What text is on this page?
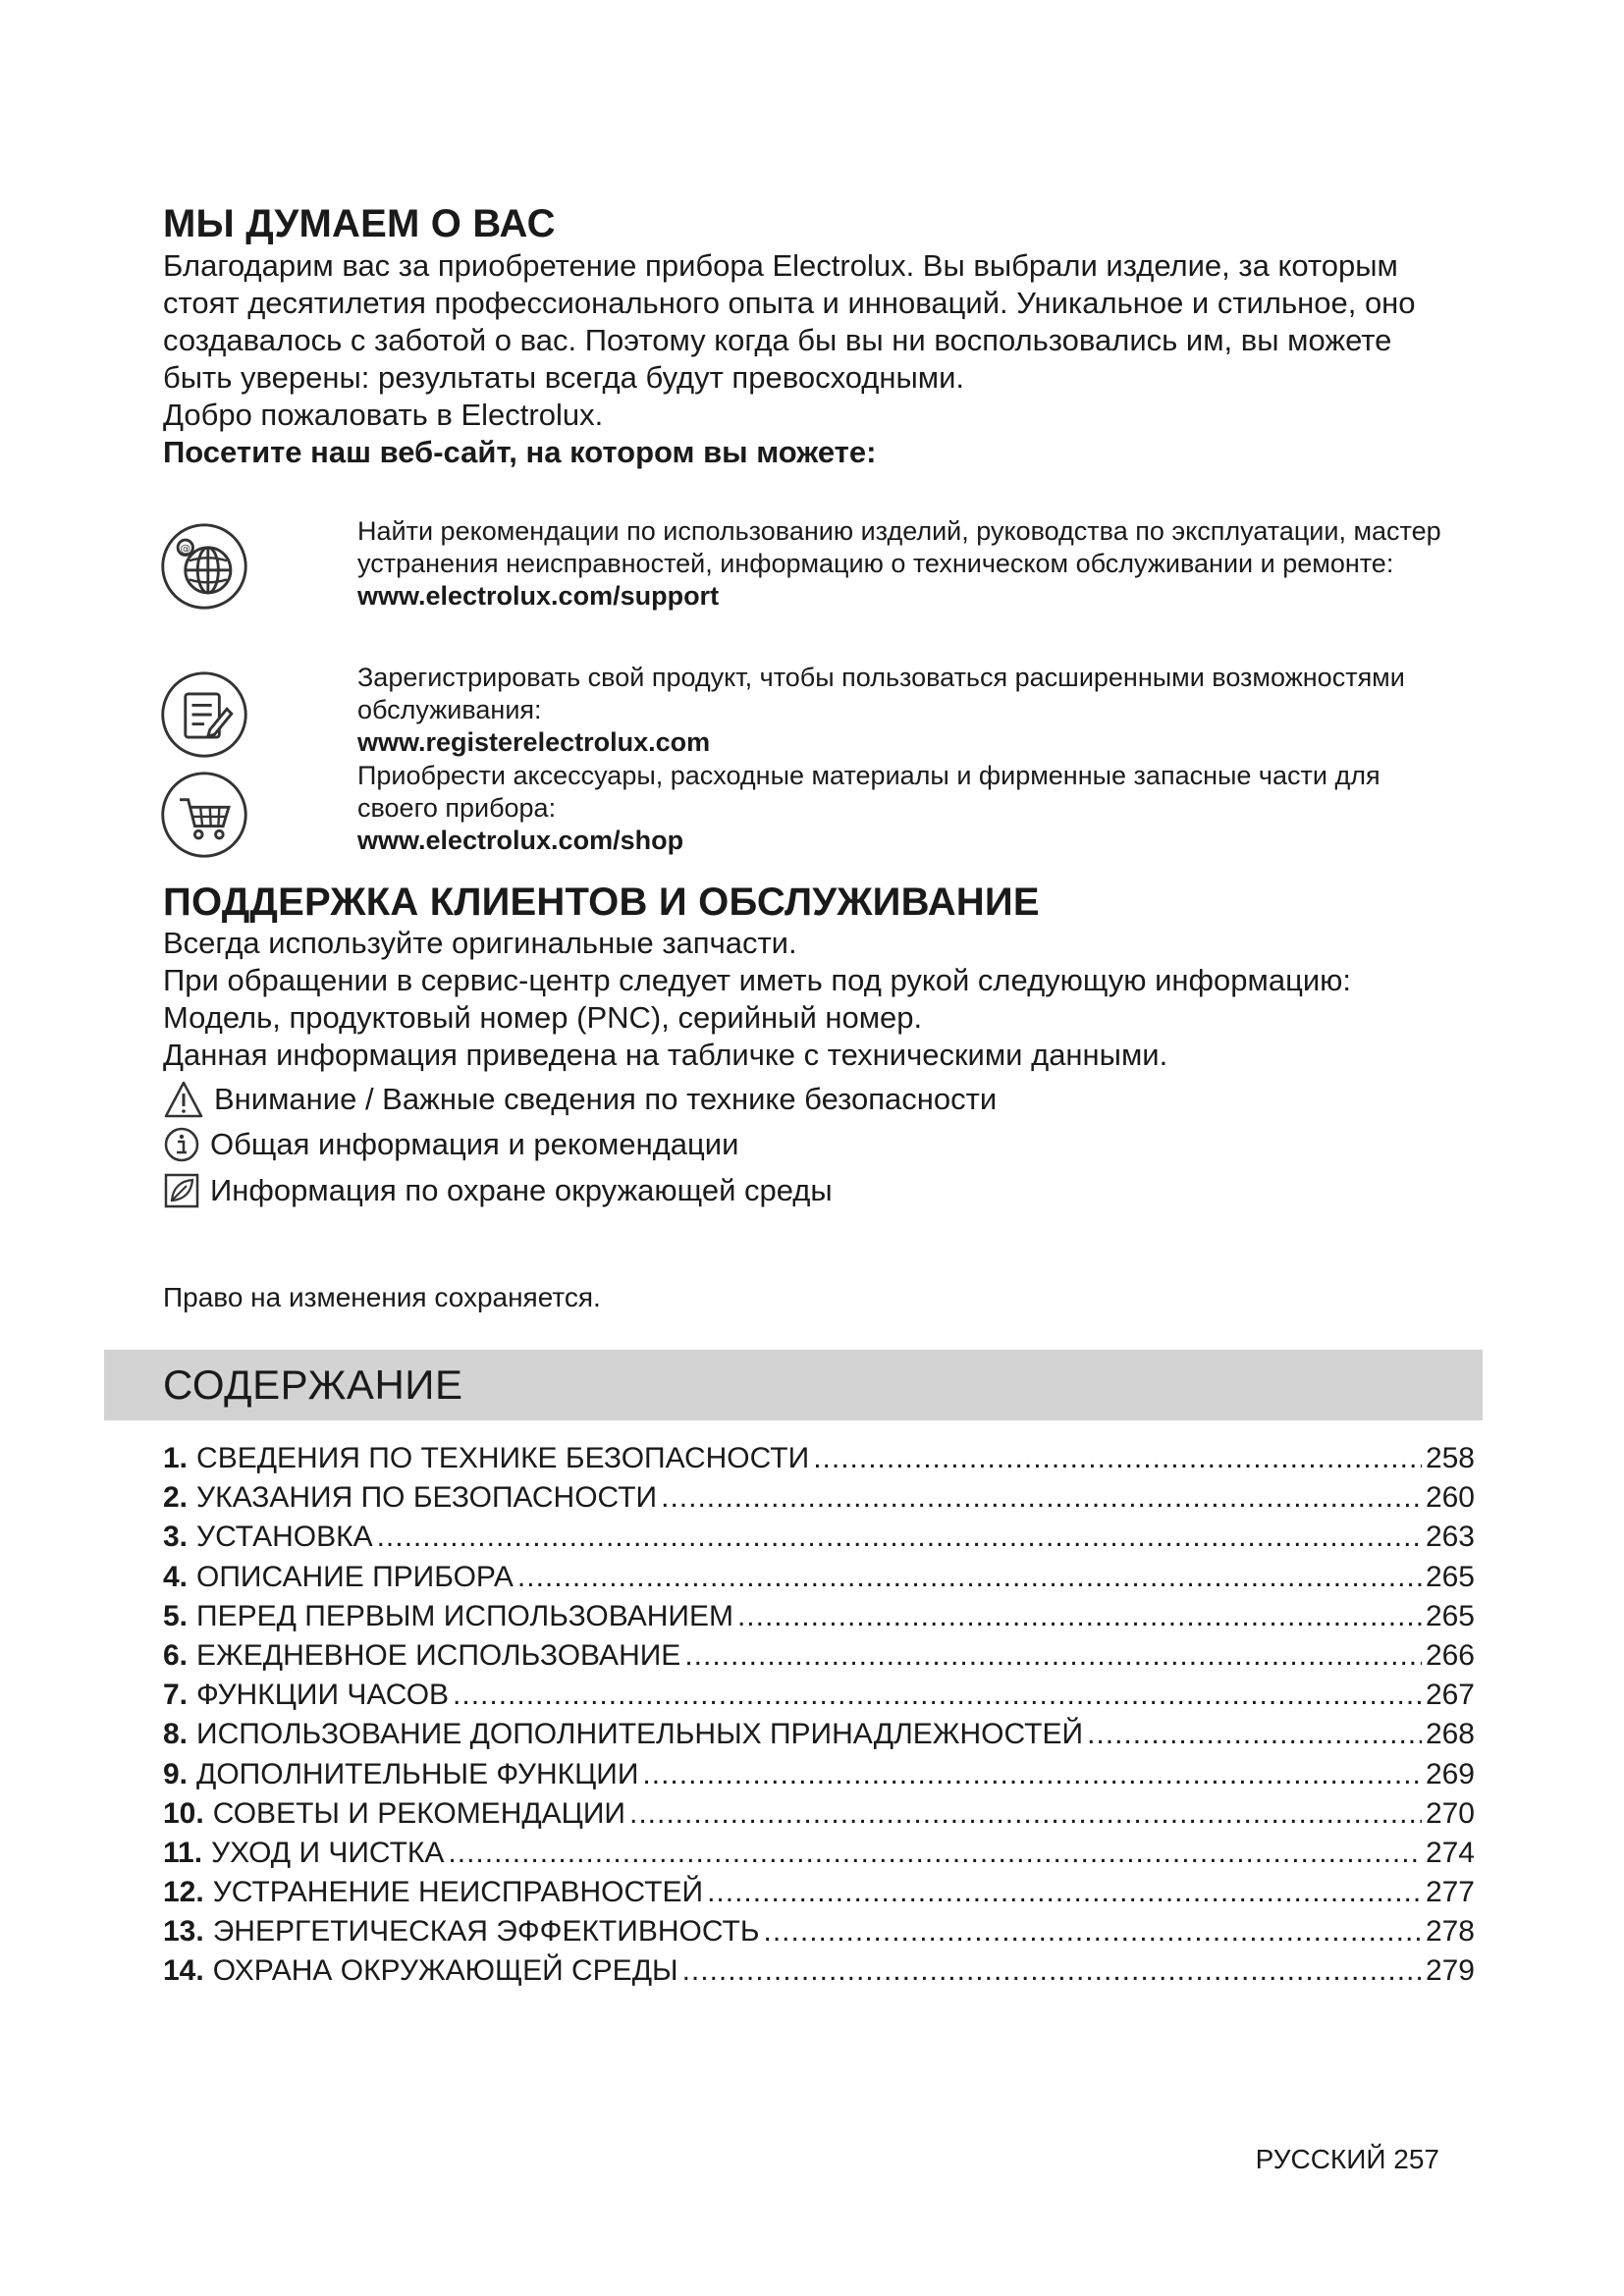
МЫ ДУМАЕМ О ВАС

Благодарим вас за приобретение прибора Electrolux. Вы выбрали изделие, за которым стоят десятилетия профессионального опыта и инноваций. Уникальное и стильное, оно создавалось с заботой о вас. Поэтому когда бы вы ни воспользовались им, вы можете быть уверены: результаты всегда будут превосходными.

Добро пожаловать в Electrolux.

Посетите наш веб-сайт, на котором вы можете:

@
Найти рекомендации по использованию изделий, руководства по эксплуатации, мастер устранения неисправностей, информацию о техническом обслуживании и ремонте:
www.electrolux.com/support
Зарегистрировать свой продукт, чтобы пользоваться расширенными возможностями обслуживания:
www.registerelectrolux.com
Приобрести аксессуары, расходные материалы и фирменные запасные части для своего прибора:
www.electrolux.com/shop
ПОДДЕРЖКА КЛИЕНТОВ И ОБСЛУЖИВАНИЕ

Всегда используйте оригинальные запчасти.

При обращении в сервис-центр следует иметь под рукой следующую информацию:

Модель, продуктовый номер (PNC), серийный номер.

Данная информация приведена на табличке с техническими данными.

Внимание / Важные сведения по технике безопасности
Общая информация и рекомендации
Информация по охране окружающей среды
Право на изменения сохраняется.
СОДЕРЖАНИЕ
1. СВЕДЕНИЯ ПО ТЕХНИКЕ БЕЗОПАСНОСТИ .....	258
2. УКАЗАНИЯ ПО БЕЗОПАСНОСТИ .....	260
3. УСТАНОВКА .....	263
4. ОПИСАНИЕ ПРИБОРА .....	265
5. ПЕРЕД ПЕРВЫМ ИСПОЛЬЗОВАНИЕМ .....	265
6. ЕЖЕДНЕВНОЕ ИСПОЛЬЗОВАНИЕ .....	266
7. ФУНКЦИИ ЧАСОВ .....	267
8. ИСПОЛЬЗОВАНИЕ ДОПОЛНИТЕЛЬНЫХ ПРИНАДЛЕЖНОСТЕЙ .....	268
9. ДОПОЛНИТЕЛЬНЫЕ ФУНКЦИИ .....	269
10. СОВЕТЫ И РЕКОМЕНДАЦИИ .....	270
11. УХОД И ЧИСТКА .....	274
12. УСТРАНЕНИЕ НЕИСПРАВНОСТЕЙ .....	277
13. ЭНЕРГЕТИЧЕСКАЯ ЭФФЕКТИВНОСТЬ .....	278
14. ОХРАНА ОКРУЖАЮЩЕЙ СРЕДЫ .....	279
РУССКИЙ 257
